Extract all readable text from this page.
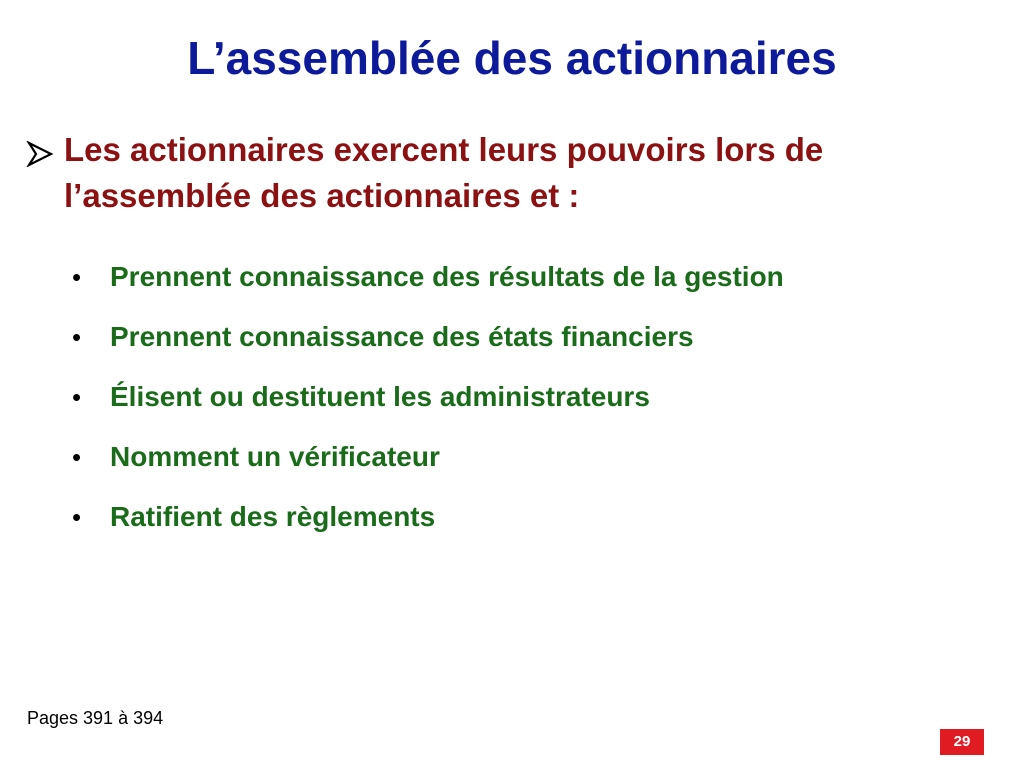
L’assemblée des actionnaires
Les actionnaires exercent leurs pouvoirs lors de l’assemblée des actionnaires et :
•	Prennent connaissance des résultats de la gestion
•	Prennent connaissance des états financiers
•	Élisent ou destituent les administrateurs
•	Nomment un vérificateur
•	Ratifient des règlements
Pages 391 à 394
29
